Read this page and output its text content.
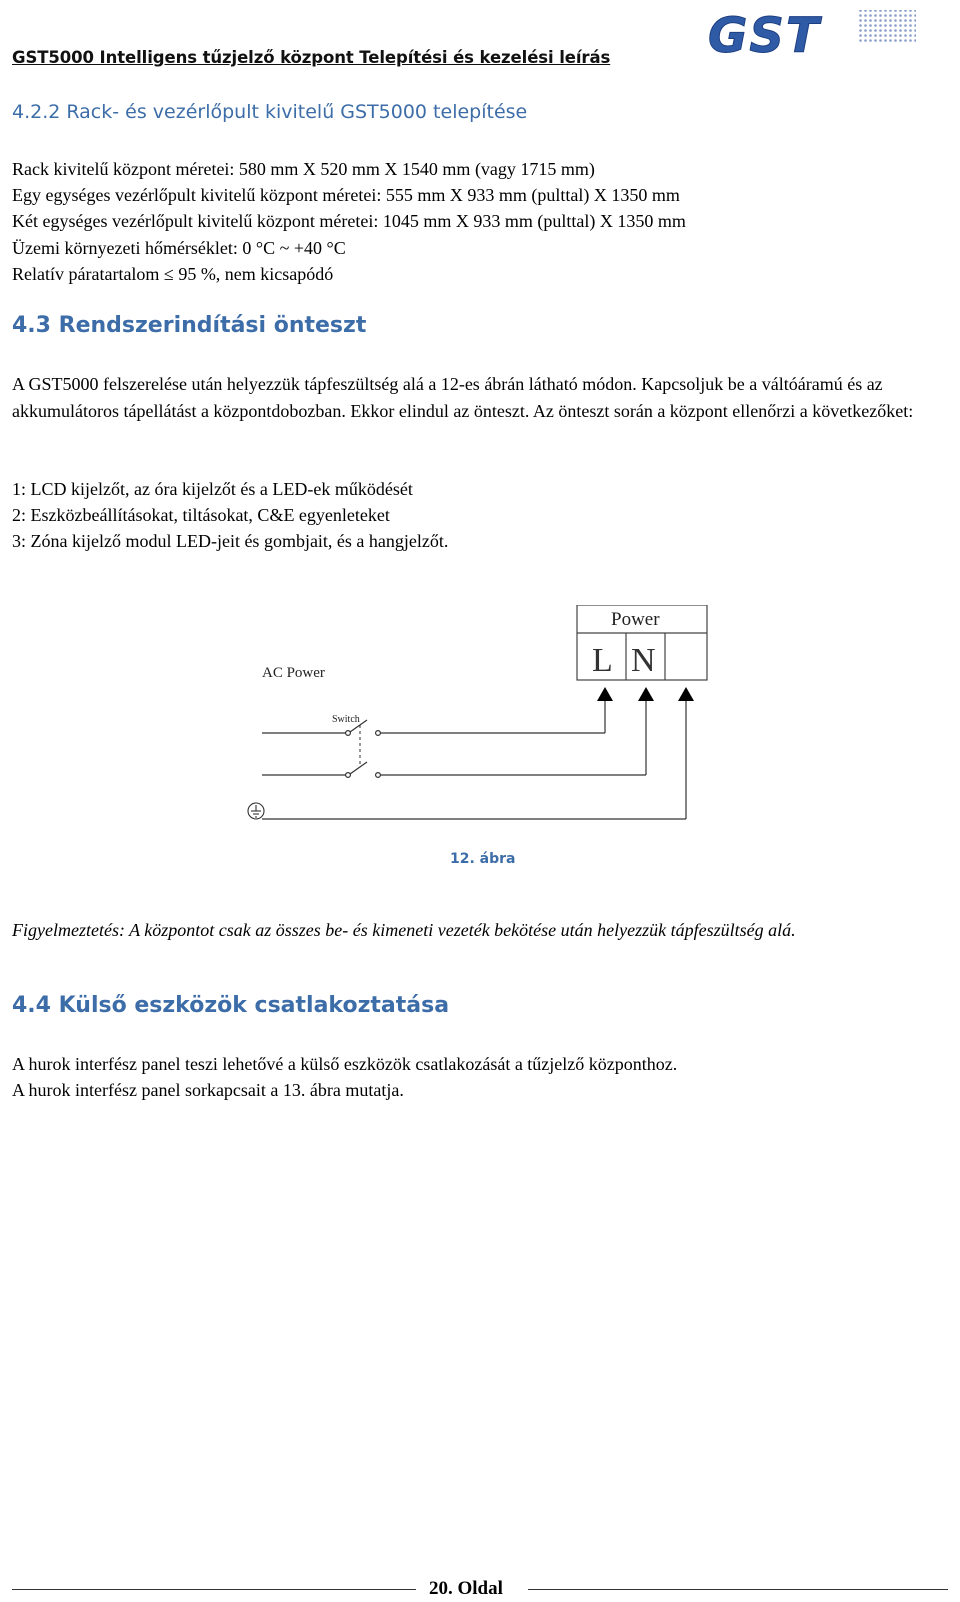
GST5000 Intelligens tűzjelző központ Telepítési és kezelési leírás GST
4.2.2 Rack- és vezérlőpult kivitelű GST5000 telepítése
Rack kivitelű központ méretei: 580 mm X 520 mm X 1540 mm (vagy 1715 mm)
Egy egységes vezérlőpult kivitelű központ méretei: 555 mm X 933 mm (pulttal) X 1350 mm
Két egységes vezérlőpult kivitelű központ méretei: 1045 mm X 933 mm (pulttal) X 1350 mm
Üzemi környezeti hőmérséklet: 0 °C ~ +40 °C
Relatív páratartalom ≤ 95 %, nem kicsapódó
4.3 Rendszerindítási önteszt
A GST5000 felszerelése után helyezzük tápfeszültség alá a 12-es ábrán látható módon. Kapcsoljuk be a váltóáramú és az akkumulátoros tápellátást a központdobozban. Ekkor elindul az önteszt. Az önteszt során a központ ellenőrzi a következőket:
1: LCD kijelzőt, az óra kijelzőt és a LED-ek működését
2: Eszközbeállításokat, tiltásokat, C&E egyenleteket
3: Zóna kijelző modul LED-jeit és gombjait, és a hangjelzőt.
Power
L N
AC Power
Switch
12. ábra
Figyelmeztetés: A központot csak az összes be- és kimeneti vezeték bekötése után helyezzük tápfeszültség alá.
4.4 Külső eszközök csatlakoztatása
A hurok interfész panel teszi lehetővé a külső eszközök csatlakozását a tűzjelző központhoz.
A hurok interfész panel sorkapcsait a 13. ábra mutatja.
20. Oldal
